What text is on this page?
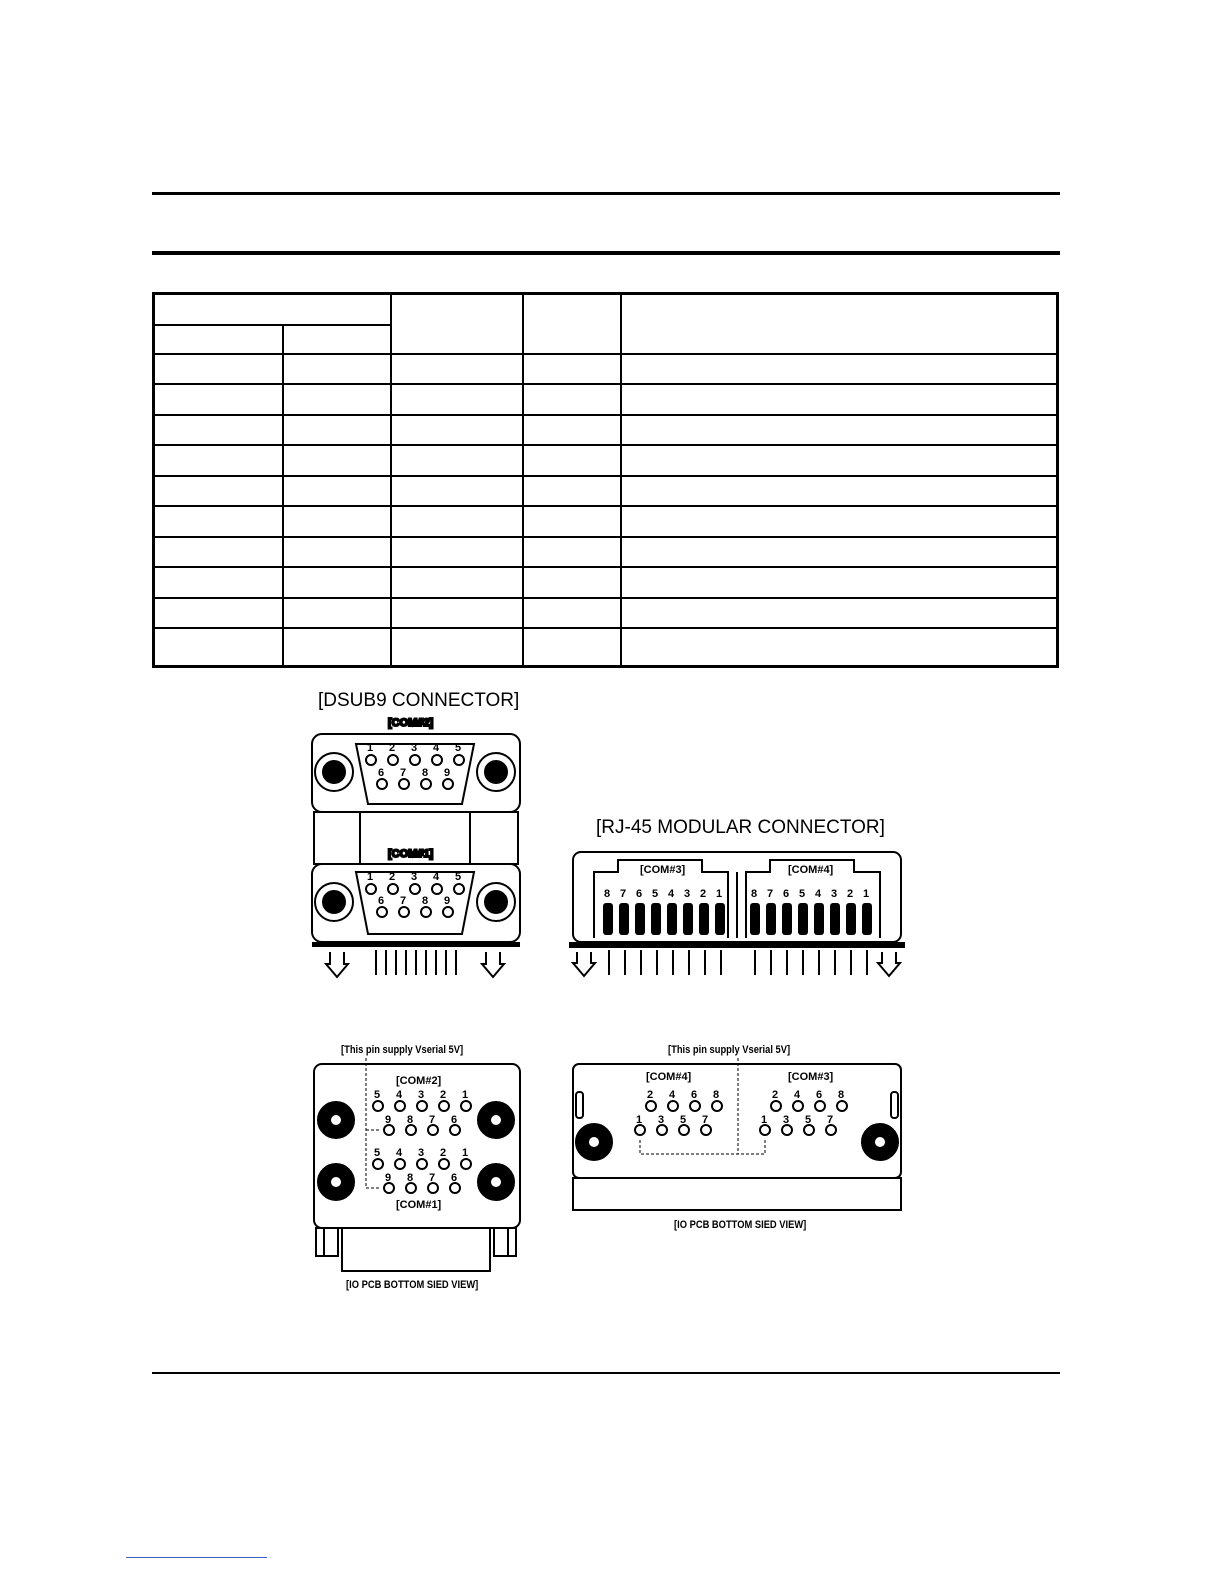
[DSUB9 CONNECTOR]
[RJ-45 MODULAR CONNECTOR]
[This pin supply Vserial 5V]	[This pin supply Vserial 5V]
[IO PCB BOTTOM SIED VIEW]
[IO PCB BOTTOM SIED VIEW]
[COM#2]
[COM#1]
1 2 3 4 5
6 7 8 9
1 2 3 4 5
6 7 8 9
[COM#3]	[COM#4]
8 7 6 5 4 3 2 1	8 7 6 5 4 3 2 1
[COM#2]
[COM#1]
5 4 3 2 1
9 8 7 6
5 4 3 2 1
9 8 7 6
[COM#4]	[COM#3]
2 4 6 8
1 3 5 7
2 4 6 8
1 3 5 7
